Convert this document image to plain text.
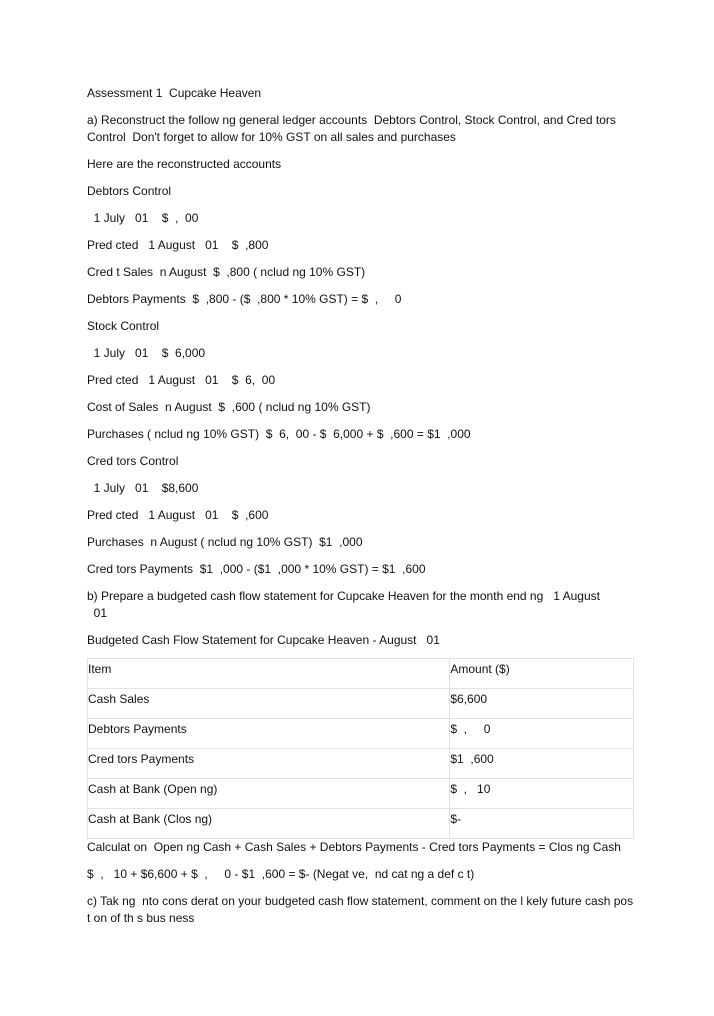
Assessment 1  Cupcake Heaven

a) Reconstruct the follow ng general ledger accounts  Debtors Control, Stock Control, and Cred tors Control  Don't forget to allow for 10% GST on all sales and purchases

Here are the reconstructed accounts

Debtors Control

1 July   01    $  ,  00

Pred cted   1 August   01    $  ,800

Cred t Sales  n August  $  ,800 ( nclud ng 10% GST)

Debtors Payments  $  ,800 - ($  ,800 * 10% GST) = $  ,     0

Stock Control

1 July   01    $  6,000

Pred cted   1 August   01    $  6,  00

Cost of Sales  n August  $  ,600 ( nclud ng 10% GST)

Purchases ( nclud ng 10% GST)  $  6,  00 - $  6,000 + $  ,600 = $1  ,000

Cred tors Control

1 July   01    $8,600

Pred cted   1 August   01    $  ,600

Purchases  n August ( nclud ng 10% GST)  $1  ,000

Cred tors Payments  $1  ,000 - ($1  ,000 * 10% GST) = $1  ,600

b) Prepare a budgeted cash flow statement for Cupcake Heaven for the month end ng   1 August
01

Budgeted Cash Flow Statement for Cupcake Heaven - August   01

Item	Amount ($)
Cash Sales	$6,600
Debtors Payments	$  ,     0
Cred tors Payments	$1  ,600
Cash at Bank (Open ng)	$  ,   10
Cash at Bank (Clos ng)	$-

Calculat on  Open ng Cash + Cash Sales + Debtors Payments - Cred tors Payments = Clos ng Cash

$  ,   10 + $6,600 + $  ,     0 - $1  ,600 = $- (Negat ve,  nd cat ng a def c t)

c) Tak ng  nto cons derat on your budgeted cash flow statement, comment on the l kely future cash pos t on of th s bus ness
